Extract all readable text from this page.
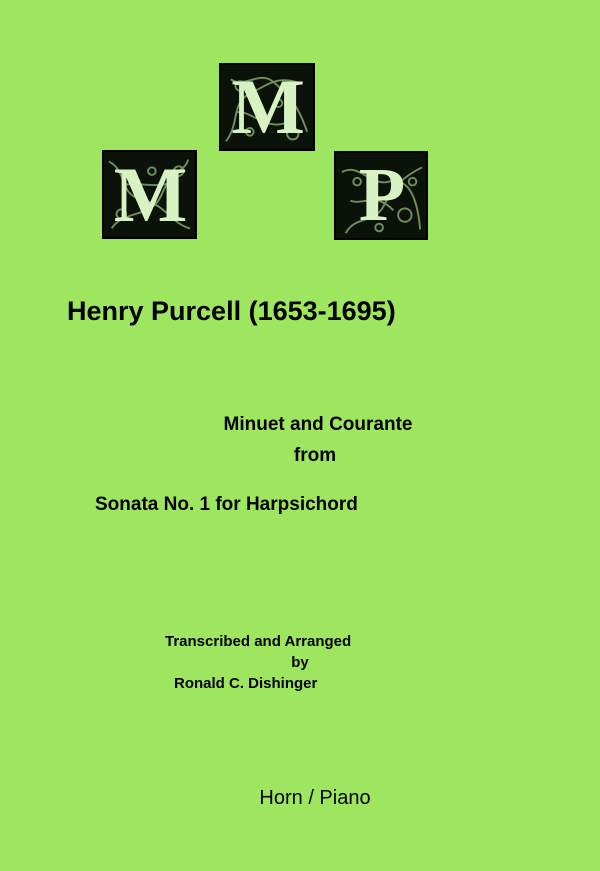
M
M P
Henry Purcell (1653-1695)
Minuet and Courante
from
Sonata No. 1 for Harpsichord
Transcribed and Arranged
by
Ronald C. Dishinger
Horn / Piano
